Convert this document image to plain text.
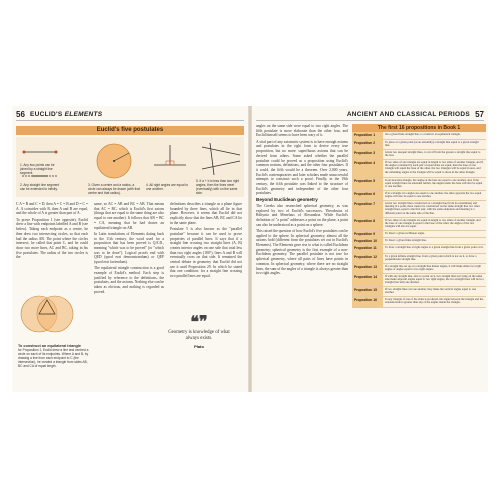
56 EUCLID'S ELEMENTS
Euclid's five postulates
1. Any two points can be joined by a straight line segment.
2. Any straight line segment can be extended to infinity.
3. Given a centre and a radius, a circle can always be drawn (with that centre and that radius).
4. All right angles are equal to one another.
5. If a + b is less than two right angles, then the lines meet (eventually) with on the same side.

C A = B and C = D, then A = C = B and D = C = A. A coincides with B, then A and B are equal, and the whole of A is greater than part of A.

To prove Proposition 1 (see opposite), Euclid drew a line with endpoints labelled A and B (see below). Taking each endpoint as a centre, he then drew two intersecting circles, so that each had the radius AB. The point where the circles intersect, he called that point C, and he could draw two more lines, AC and BC, taking in his five postulates. The radius of the two circles is the

To construct an equilateral triangle
for Proposition 1, Euclid drew a line and centred a circle on each of its endpoints. Where A and B, by drawing a line from each endpoint to C (the intersection), he created a triangle from sides AB, BC and CA of equal length.

same, so AC = AB and BC = AB. That means that AC = BC, which is Euclid's first axiom (things that are equal to the same thing are also equal to one another). It follows that AB = BC = CA, meaning that he had drawn an equilateral triangle on AB.

In Latin translations of Elements dating back to the 11th century, the word used for a proposition that has been proved is Q.E.D., meaning "which was to be proved" (or "which was to be done"). Logical proofs end with QED (quod erat demonstrandum) or QEF (quod erat faciendum).

The equilateral triangle construction is a good example of Euclid's method. Each step is justified by reference to the definitions, the postulates, and the axioms. Nothing else can be taken as obvious, and nothing is regarded as proved.

definitions describes a triangle as a plane figure bounded by three lines, which all lie in that plane. However, it seems that Euclid did not explicitly show that the lines AB, BC and CA lie in the same plane.

Postulate 5 is also known as the "parallel postulate" because it can be used to prove properties of parallel lines. It says that if a straight line crossing two straight lines (A, B) creates interior angles on one side that total less than two right angles (180°), lines A and B will eventually cross on that side. It remained the central debate in geometry that Euclid did not use it until Proposition 29. In which he stated that one condition: for a straight line crossing two parallel lines are equal.

❝❞
Geometry is knowledge of what always exists.
Plato
ANCIENT AND CLASSICAL PERIODS 57

angles on the same side were equal to two right angles. The fifth postulate is more elaborate than the other four, and Euclid himself seems to have been wary of it.

A vital part of any axiomatic system is to have enough axioms and postulates in the right form to derive every true proposition, but no more: superfluous axioms that can be derived from others. Some asked whether the parallel postulate could be proved as a proposition using Euclid's common notions, definitions, and the other four postulates. If it could, the fifth would be a theorem. Over 2,000 years, Euclid's contemporaries and later scholars made unsuccessful attempts to construct such a proof. Finally, in the 19th century, the fifth postulate was linked to the structure of Euclid's geometry and independent of the other four postulates.

Beyond Euclidean geometry

The Greeks also researched spherical geometry, as was explored by two of Euclid's successors, Theodosius of Bithynia and Menelaus of Alexandria. While Euclid's definition of "a point" addresses a point on the plane, a point can also be understood as a point on a sphere.

This raised the question of how Euclid's five postulates can be applied to the sphere. In spherical geometry, almost all the axioms hold (different from the postulates set out in Euclid's Elements). The Elements gave rise to what is called Euclidean geometry; spherical geometry is the first example of a non-Euclidean geometry. The parallel postulate is not true for spherical geometry, where all pairs of lines have points in common. In spherical geometry, where there are no straight lines, the sum of the angles of a triangle is always greater than two right angles.

The first 16 propositions in Book 1
Proposition 1	On a given finite straight line, to construct an equilateral triangle.
Proposition 2	To place at a given point (as an extremity) a straight line equal to a given straight line.
Proposition 3	Given two unequal straight lines, to cut off from the greater a straight line equal to the less.
Proposition 4	If two sides of one triangle are equal in length to two sides of another triangle, and if the angles contained by each pair of equal sides are equal, then the base of one triangle will equal the base of the other, the two triangles will be equal in area, and the remaining angles at the triangle will be equal to those in the other triangle.
Proposition 5	In an isosceles triangle, the angles at the base are equal to one another, and, if the equal straight lines are extended further, the angles under the base will also be equal to one another.
Proposition 6	If in a triangle two angles are equal to one another, the sides opposite the two equal angles will also be equal to one another.
Proposition 7	Given two straight lines constructed on a straight line (from its extremities) and meeting in a point, there cannot be constructed on the same straight line two other straight lines, equal to the first pair, with the same endpoints and meeting at a different point on the same side of the line.
Proposition 8	If two sides of one triangle are equal in length to two sides of another triangle, and the base of one triangle is equal to the base of the other, the angles of the two triangles will also be equal.
Proposition 9	To bisect a given rectilinear angle.
Proposition 10	To bisect a given finite straight line.
Proposition 11	To draw a straight line at right angles to a given straight line from a given point on it.
Proposition 12	To a given infinite straight line, from a given point which is not on it, to draw a perpendicular straight line.
Proposition 13	If a straight line set up on a straight line makes angles, it will make either two right angles or angles equal to two right angles.
Proposition 14	If with any straight line, and at a point on it, two straight lines not lying on the same side make adjacent angles equal to two right angles, the two straight lines will be in a straight line with one another.
Proposition 15	If two straight lines cut one another, they make the vertical angles equal to one another.
Proposition 16	In any triangle, if one of the sides is produced, the angle between the triangle and the extended side is greater than any of the angles inside the triangle.
